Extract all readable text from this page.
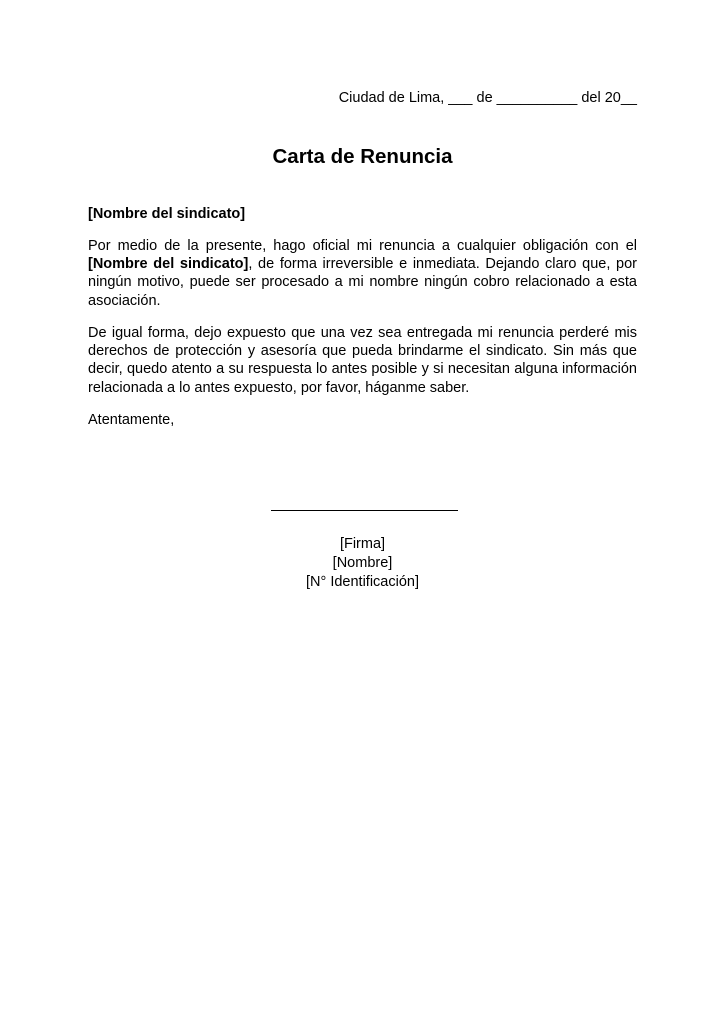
Ciudad de Lima, ___ de __________ del 20__
Carta de Renuncia
[Nombre del sindicato]

Por medio de la presente, hago oficial mi renuncia a cualquier obligación con el [Nombre del sindicato], de forma irreversible e inmediata. Dejando claro que, por ningún motivo, puede ser procesado a mi nombre ningún cobro relacionado a esta asociación.

De igual forma, dejo expuesto que una vez sea entregada mi renuncia perderé mis derechos de protección y asesoría que pueda brindarme el sindicato. Sin más que decir, quedo atento a su respuesta lo antes posible y si necesitan alguna información relacionada a lo antes expuesto, por favor, háganme saber.

Atentamente,
[Firma]
[Nombre]
[N° Identificación]
